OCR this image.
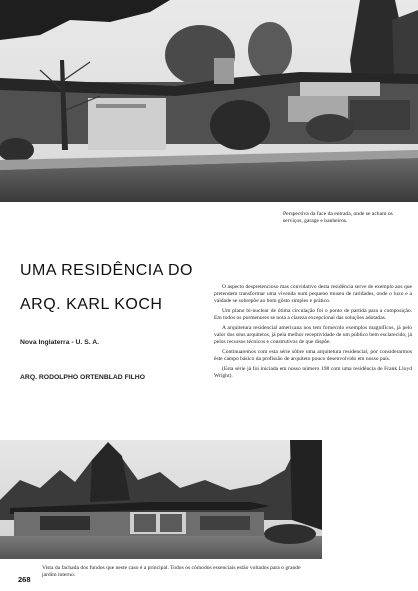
Perspectiva da face da entrada, onde se acham os serviços, garage e banheiros.
UMA RESIDÊNCIA DO
ARQ. KARL KOCH
Nova Inglaterra - U. S. A.
ARQ. RODOLPHO ORTENBLAD FILHO

O aspecto despretencioso mas convidativo desta residência serve de exemplo aos que pretendem transformar uma vivenda num pequeno museu de raridades, onde o luxo e a vaidade se sobrepõe ao bom gôsto simples e prático.

Um plano bi-nuclear de ótima circulação foi o ponto de partida para a composição. Em todos os pormenores se nota a clareza excepcional das soluções adotadas.

A arquitetura residencial americana nos tem fornecido exemplos magníficos, já pelo valor dos seus arquitetos, já pela melhor receptividade de um público bem esclarecido, já pelos recursos técnicos e construtivos de que dispõe.

Continuaremos com esta série sôbre uma arquitetura residencial, por considerarmos êste campo básico da profissão de arquiteto pouco desenvolvido em nosso país.

(Esta série já foi iniciada em nosso número 198 com uma residência de Frank Lloyd Wright).

Vista da fachada dos fundos que neste caso é a principal. Todos os cômodos essenciais estão voltados para o grande jardim interno.
268
